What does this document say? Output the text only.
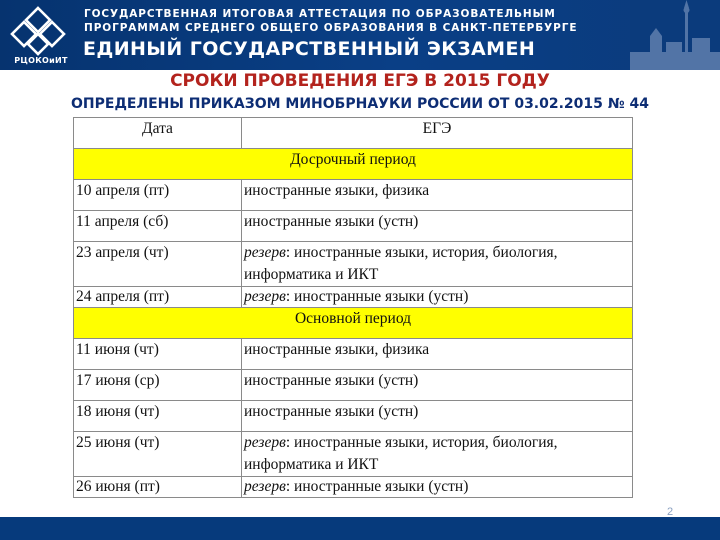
РЦОКОиИТ
ГОСУДАРСТВЕННАЯ ИТОГОВАЯ АТТЕСТАЦИЯ ПО ОБРАЗОВАТЕЛЬНЫМ
ПРОГРАММАМ СРЕДНЕГО ОБЩЕГО ОБРАЗОВАНИЯ В САНКТ-ПЕТЕРБУРГЕ
ЕДИНЫЙ ГОСУДАРСТВЕННЫЙ ЭКЗАМЕН
СРОКИ ПРОВЕДЕНИЯ ЕГЭ В 2015 ГОДУ
ОПРЕДЕЛЕНЫ ПРИКАЗОМ МИНОБРНАУКИ РОССИИ ОТ 03.02.2015 № 44
Дата	ЕГЭ
Досрочный период	
10 апреля (пт)	иностранные языки, физика
11 апреля (сб)	иностранные языки (устн)
23 апреля (чт)	резерв: иностранные языки, история, биология, информатика и ИКТ
24 апреля (пт)	резерв: иностранные языки (устн)
Основной период	
11 июня (чт)	иностранные языки, физика
17 июня (ср)	иностранные языки (устн)
18 июня (чт)	иностранные языки (устн)
25 июня (чт)	резерв: иностранные языки, история, биология, информатика и ИКТ
26 июня (пт)	резерв: иностранные языки (устн)
2
